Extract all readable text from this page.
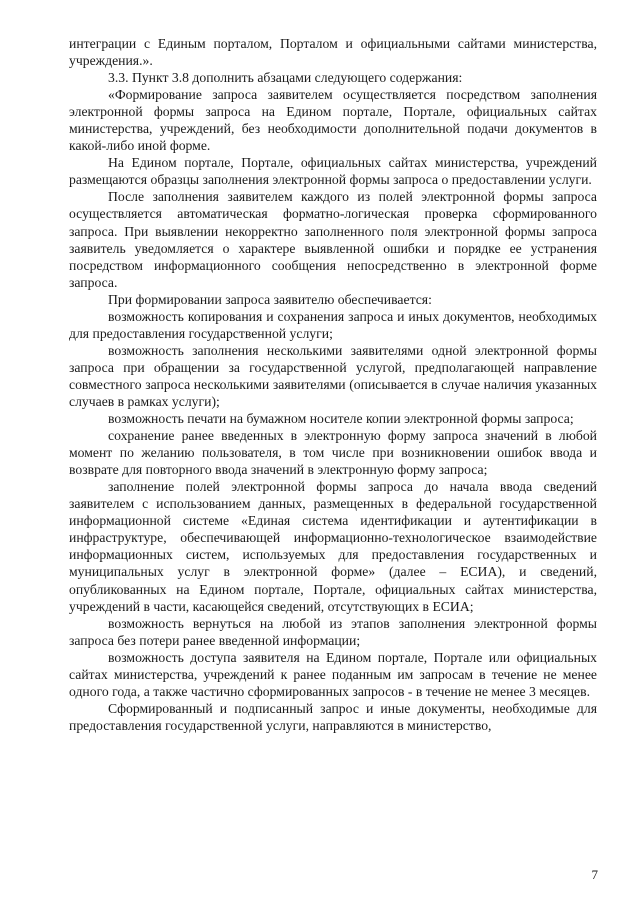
интеграции с Единым порталом, Порталом и официальными сайтами министерства, учреждения.».

3.3. Пункт 3.8 дополнить абзацами следующего содержания:

«Формирование запроса заявителем осуществляется посредством заполнения электронной формы запроса на Едином портале, Портале, официальных сайтах министерства, учреждений, без необходимости дополнительной подачи документов в какой-либо иной форме.

На Едином портале, Портале, официальных сайтах министерства, учреждений размещаются образцы заполнения электронной формы запроса о предоставлении услуги.

После заполнения заявителем каждого из полей электронной формы запроса осуществляется автоматическая форматно-логическая проверка сформированного запроса. При выявлении некорректно заполненного поля электронной формы запроса заявитель уведомляется о характере выявленной ошибки и порядке ее устранения посредством информационного сообщения непосредственно в электронной форме запроса.

При формировании запроса заявителю обеспечивается:

возможность копирования и сохранения запроса и иных документов, необходимых для предоставления государственной услуги;

возможность заполнения несколькими заявителями одной электронной формы запроса при обращении за государственной услугой, предполагающей направление совместного запроса несколькими заявителями (описывается в случае наличия указанных случаев в рамках услуги);

возможность печати на бумажном носителе копии электронной формы запроса;

сохранение ранее введенных в электронную форму запроса значений в любой момент по желанию пользователя, в том числе при возникновении ошибок ввода и возврате для повторного ввода значений в электронную форму запроса;

заполнение полей электронной формы запроса до начала ввода сведений заявителем с использованием данных, размещенных в федеральной государственной информационной системе «Единая система идентификации и аутентификации в инфраструктуре, обеспечивающей информационно-технологическое взаимодействие информационных систем, используемых для предоставления государственных и муниципальных услуг в электронной форме» (далее – ЕСИА), и сведений, опубликованных на Едином портале, Портале, официальных сайтах министерства, учреждений в части, касающейся сведений, отсутствующих в ЕСИА;

возможность вернуться на любой из этапов заполнения электронной формы запроса без потери ранее введенной информации;

возможность доступа заявителя на Едином портале, Портале или официальных сайтах министерства, учреждений к ранее поданным им запросам в течение не менее одного года, а также частично сформированных запросов - в течение не менее 3 месяцев.

Сформированный и подписанный запрос и иные документы, необходимые для предоставления государственной услуги, направляются в министерство,

7
